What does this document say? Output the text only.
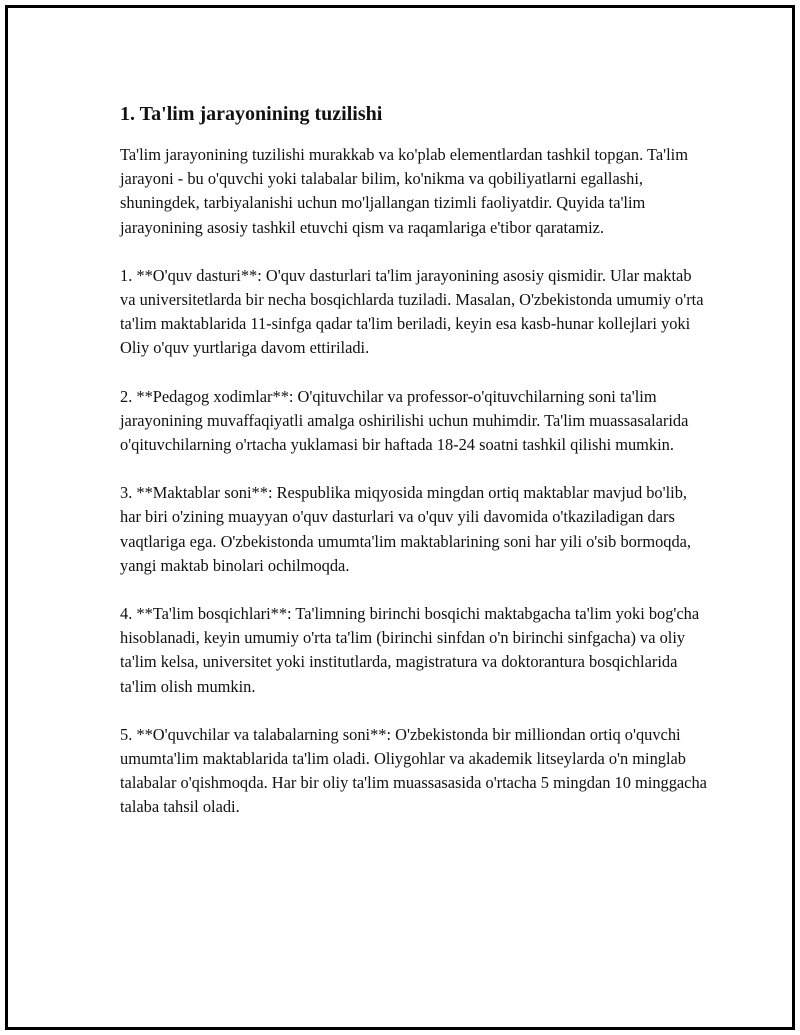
1. Ta'lim jarayonining tuzilishi

Ta'lim jarayonining tuzilishi murakkab va ko'plab elementlardan tashkil topgan. Ta'lim jarayoni - bu o'quvchi yoki talabalar bilim, ko'nikma va qobiliyatlarni egallashi, shuningdek, tarbiyalanishi uchun mo'ljallangan tizimli faoliyatdir. Quyida ta'lim jarayonining asosiy tashkil etuvchi qism va raqamlariga e'tibor qaratamiz.

1. **O'quv dasturi**: O'quv dasturlari ta'lim jarayonining asosiy qismidir. Ular maktab va universitetlarda bir necha bosqichlarda tuziladi. Masalan, O'zbekistonda umumiy o'rta ta'lim maktablarida 11-sinfga qadar ta'lim beriladi, keyin esa kasb-hunar kollejlari yoki Oliy o'quv yurtlariga davom ettiriladi.

2. **Pedagog xodimlar**: O'qituvchilar va professor-o'qituvchilarning soni ta'lim jarayonining muvaffaqiyatli amalga oshirilishi uchun muhimdir. Ta'lim muassasalarida o'qituvchilarning o'rtacha yuklamasi bir haftada 18-24 soatni tashkil qilishi mumkin.

3. **Maktablar soni**: Respublika miqyosida mingdan ortiq maktablar mavjud bo'lib, har biri o'zining muayyan o'quv dasturlari va o'quv yili davomida o'tkaziladigan dars vaqtlariga ega. O'zbekistonda umumta'lim maktablarining soni har yili o'sib bormoqda, yangi maktab binolari ochilmoqda.

4. **Ta'lim bosqichlari**: Ta'limning birinchi bosqichi maktabgacha ta'lim yoki bog'cha hisoblanadi, keyin umumiy o'rta ta'lim (birinchi sinfdan o'n birinchi sinfgacha) va oliy ta'lim kelsa, universitet yoki institutlarda, magistratura va doktorantura bosqichlarida ta'lim olish mumkin.

5. **O'quvchilar va talabalarning soni**: O'zbekistonda bir milliondan ortiq o'quvchi umumta'lim maktablarida ta'lim oladi. Oliygohlar va akademik litseylarda o'n minglab talabalar o'qishmoqda. Har bir oliy ta'lim muassasasida o'rtacha 5 mingdan 10 minggacha talaba tahsil oladi.
